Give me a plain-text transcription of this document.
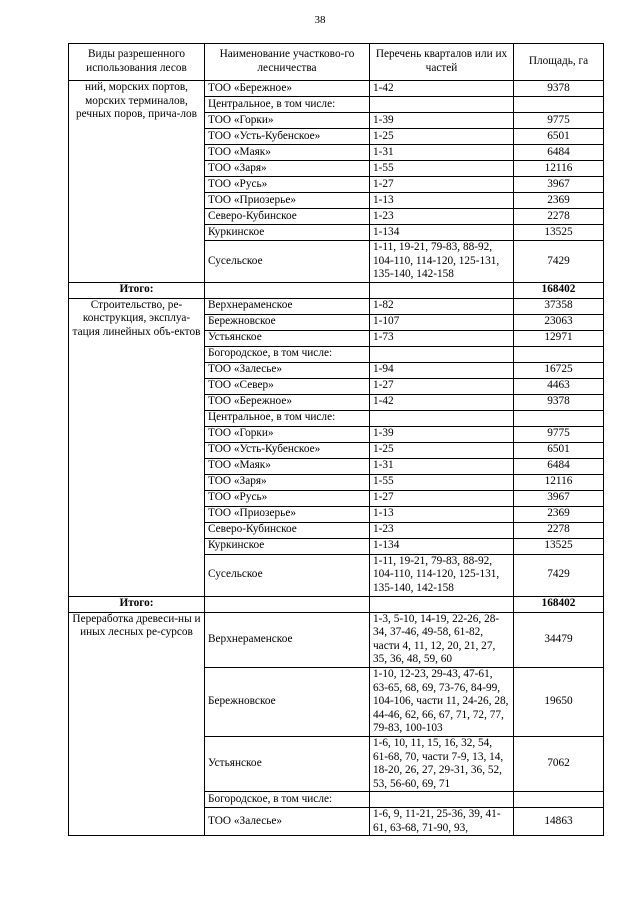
38
Виды разрешенного использования лесов	Наименование участково-го лесничества	Перечень кварталов или их частей	Площадь, га
ний, морских портов, морских терминалов, речных поров, прича-лов	ТОО «Бережное»	1-42	9378
	Центральное, в том числе:		
	ТОО «Горки»	1-39	9775
	ТОО «Усть-Кубенское»	1-25	6501
	ТОО «Маяк»	1-31	6484
	ТОО «Заря»	1-55	12116
	ТОО «Русь»	1-27	3967
	ТОО «Приозерье»	1-13	2369
	Северо-Кубинское	1-23	2278
	Куркинское	1-134	13525
	Сусельское	1-11, 19-21, 79-83, 88-92, 104-110, 114-120, 125-131, 135-140, 142-158	7429
Итого:			168402
Строительство, ре-конструкция, эксплуа-тация линейных объ-ектов	Верхнераменское	1-82	37358
	Бережновское	1-107	23063
	Устьянское	1-73	12971
	Богородское, в том числе:		
	ТОО «Залесье»	1-94	16725
	ТОО «Север»	1-27	4463
	ТОО «Бережное»	1-42	9378
	Центральное, в том числе:		
	ТОО «Горки»	1-39	9775
	ТОО «Усть-Кубенское»	1-25	6501
	ТОО «Маяк»	1-31	6484
	ТОО «Заря»	1-55	12116
	ТОО «Русь»	1-27	3967
	ТОО «Приозерье»	1-13	2369
	Северо-Кубинское	1-23	2278
	Куркинское	1-134	13525
	Сусельское	1-11, 19-21, 79-83, 88-92, 104-110, 114-120, 125-131, 135-140, 142-158	7429
Итого:			168402
Переработка древеси-ны и иных лесных ре-сурсов	Верхнераменское	1-3, 5-10, 14-19, 22-26, 28-34, 37-46, 49-58, 61-82, части 4, 11, 12, 20, 21, 27, 35, 36, 48, 59, 60	34479
	Бережновское	1-10, 12-23, 29-43, 47-61, 63-65, 68, 69, 73-76, 84-99, 104-106, части 11, 24-26, 28, 44-46, 62, 66, 67, 71, 72, 77, 79-83, 100-103	19650
	Устьянское	1-6, 10, 11, 15, 16, 32, 54, 61-68, 70, части 7-9, 13, 14, 18-20, 26, 27, 29-31, 36, 52, 53, 56-60, 69, 71	7062
	Богородское, в том числе:		
	ТОО «Залесье»	1-6, 9, 11-21, 25-36, 39, 41-61, 63-68, 71-90, 93,	14863
